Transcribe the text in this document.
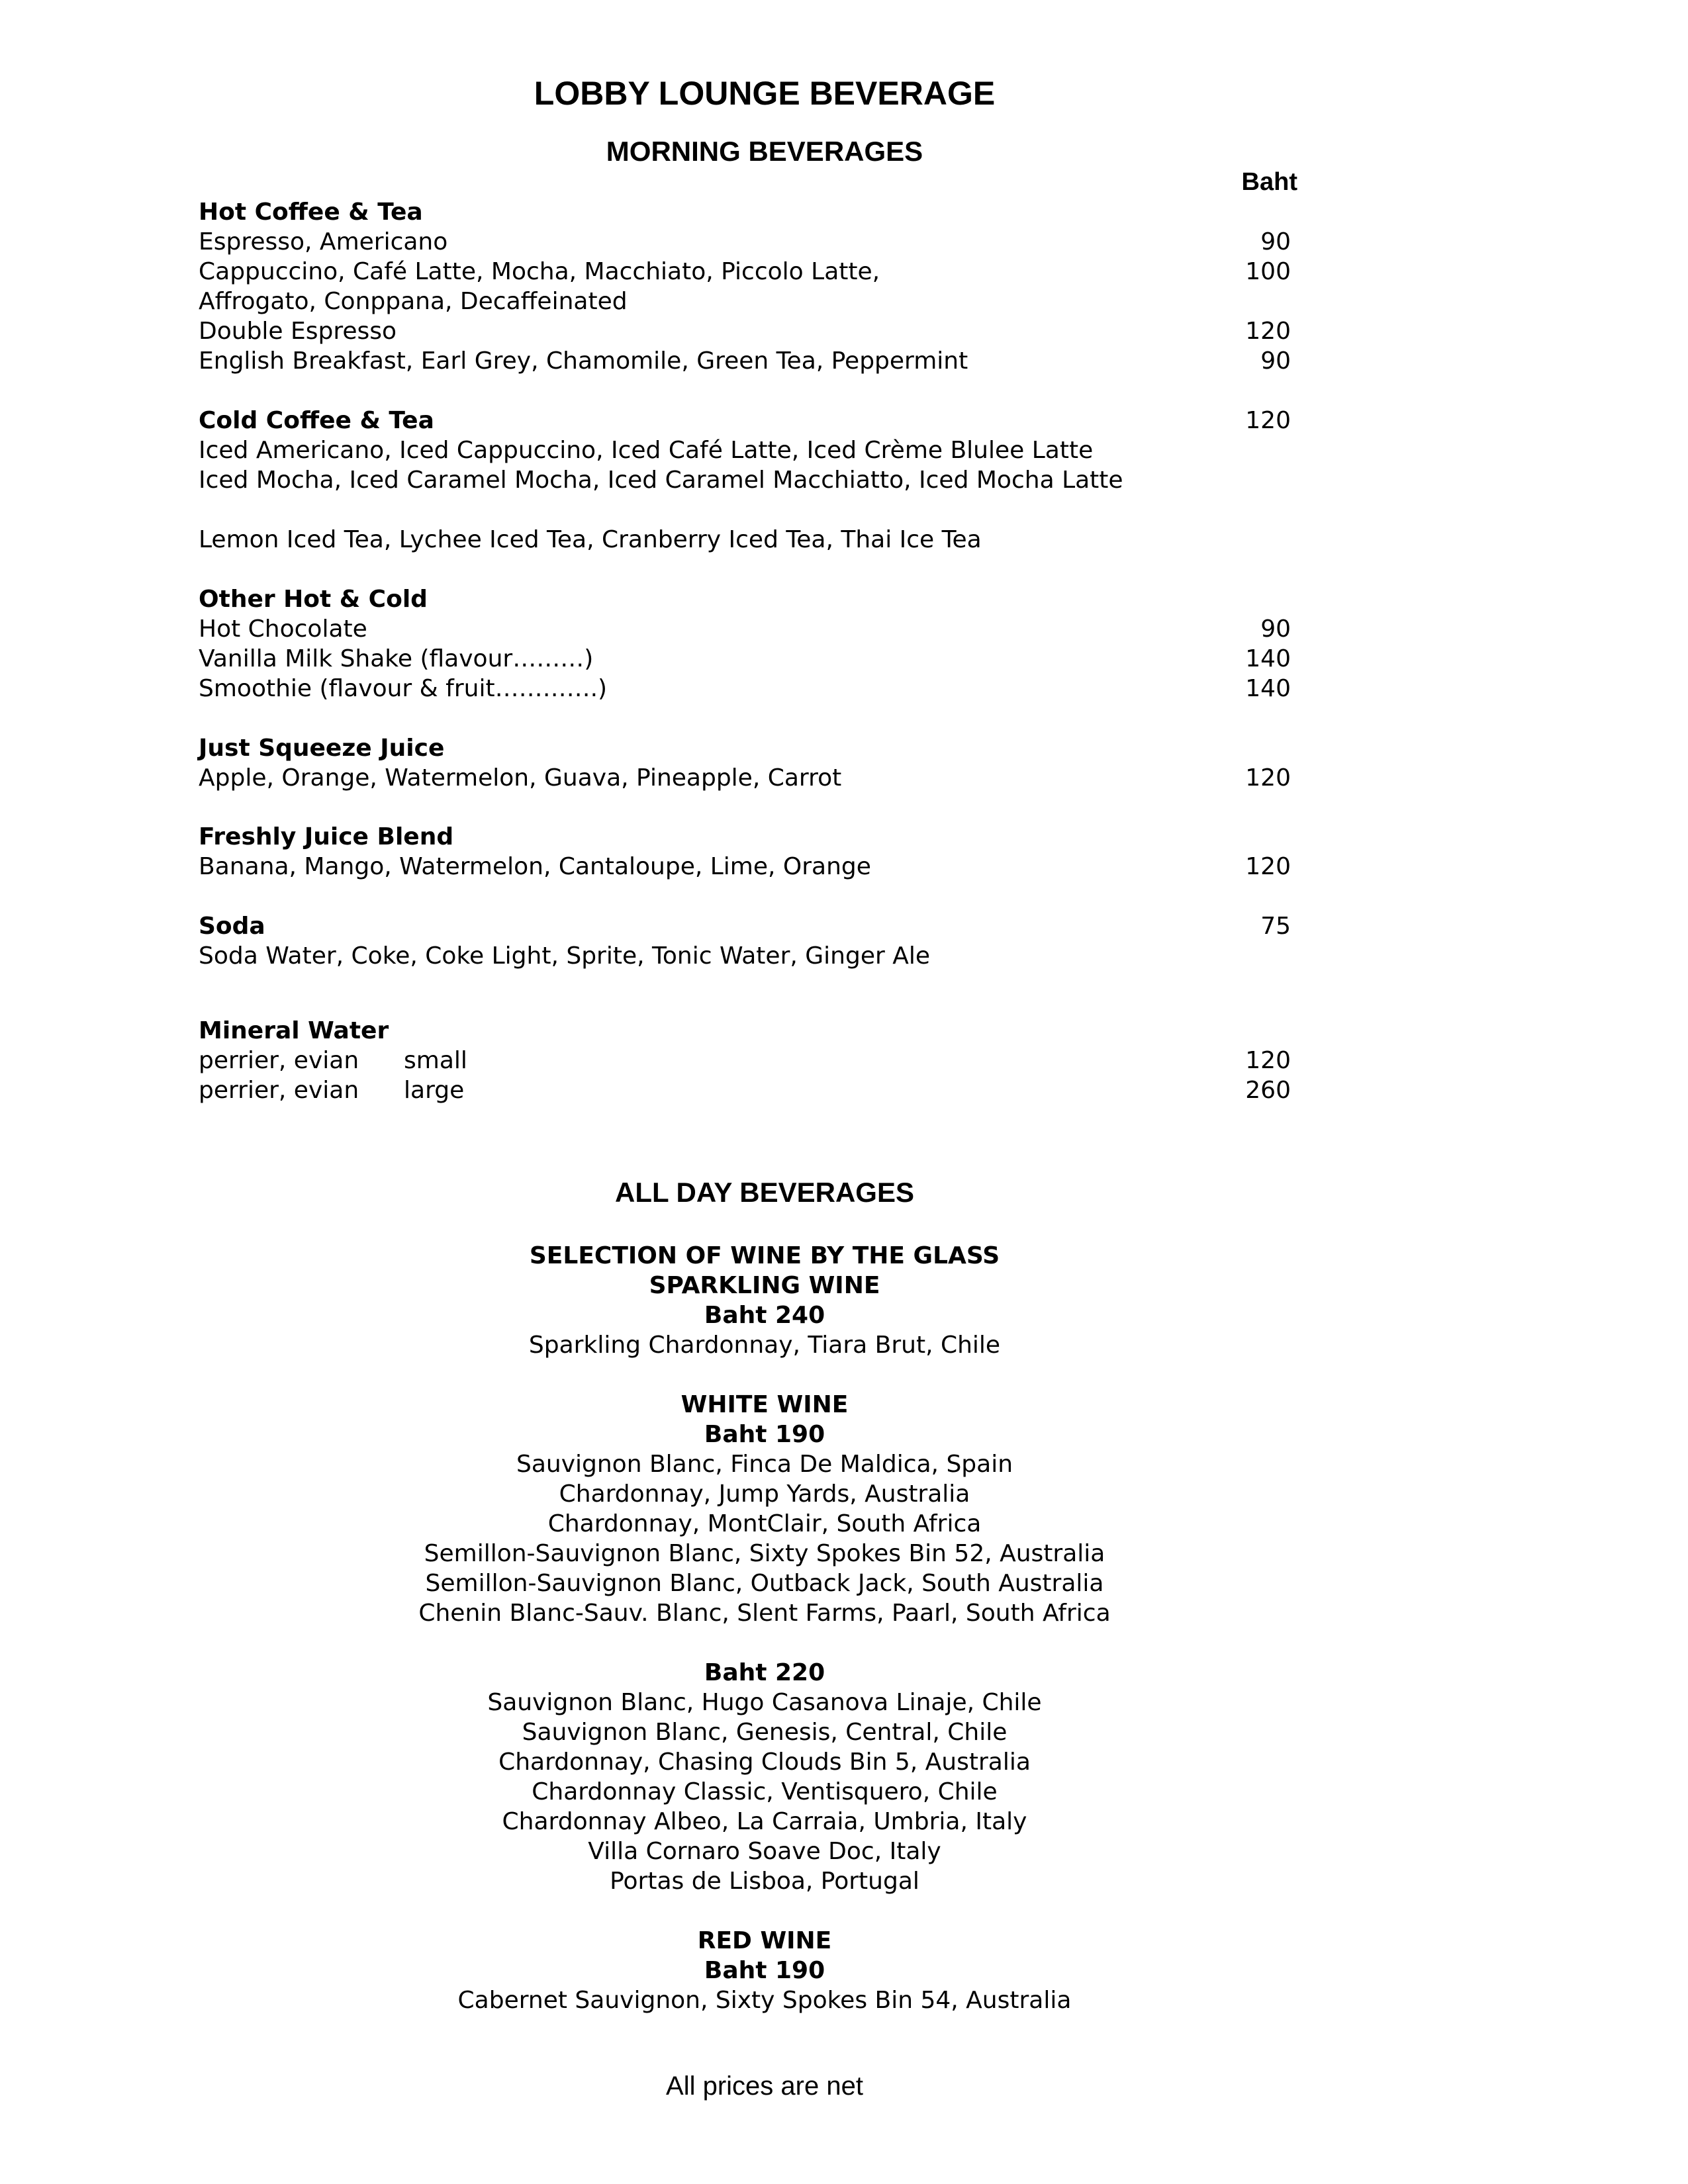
LOBBY LOUNGE BEVERAGE
MORNING BEVERAGES
Baht
Hot Coffee & Tea
Espresso, Americano	90
Cappuccino, Café Latte, Mocha, Macchiato, Piccolo Latte,	100
Affrogato, Conppana, Decaffeinated
Double Espresso	120
English Breakfast, Earl Grey, Chamomile, Green Tea, Peppermint	90
Cold Coffee & Tea	120
Iced Americano, Iced Cappuccino, Iced Café Latte, Iced Crème Blulee Latte
Iced Mocha, Iced Caramel Mocha, Iced Caramel Macchiatto, Iced Mocha Latte
Lemon Iced Tea, Lychee Iced Tea, Cranberry Iced Tea, Thai Ice Tea
Other Hot & Cold
Hot Chocolate	90
Vanilla Milk Shake (flavour………)	140
Smoothie (flavour & fruit………….)	140
Just Squeeze Juice
Apple, Orange, Watermelon, Guava, Pineapple, Carrot	120
Freshly Juice Blend
Banana, Mango, Watermelon, Cantaloupe, Lime, Orange	120
Soda	75
Soda Water, Coke, Coke Light, Sprite, Tonic Water, Ginger Ale
Mineral Water
perrier, evian	small	120
perrier, evian	large	260
ALL DAY BEVERAGES
SELECTION OF WINE BY THE GLASS
SPARKLING WINE
Baht 240
Sparkling Chardonnay, Tiara Brut, Chile
WHITE WINE
Baht 190
Sauvignon Blanc, Finca De Maldica, Spain
Chardonnay, Jump Yards, Australia
Chardonnay, MontClair, South Africa
Semillon-Sauvignon Blanc, Sixty Spokes Bin 52, Australia
Semillon-Sauvignon Blanc, Outback Jack, South Australia
Chenin Blanc-Sauv. Blanc, Slent Farms, Paarl, South Africa
Baht 220
Sauvignon Blanc, Hugo Casanova Linaje, Chile
Sauvignon Blanc, Genesis, Central, Chile
Chardonnay, Chasing Clouds Bin 5, Australia
Chardonnay Classic, Ventisquero, Chile
Chardonnay Albeo, La Carraia, Umbria, Italy
Villa Cornaro Soave Doc, Italy
Portas de Lisboa, Portugal
RED WINE
Baht 190
Cabernet Sauvignon, Sixty Spokes Bin 54, Australia
All prices are net
